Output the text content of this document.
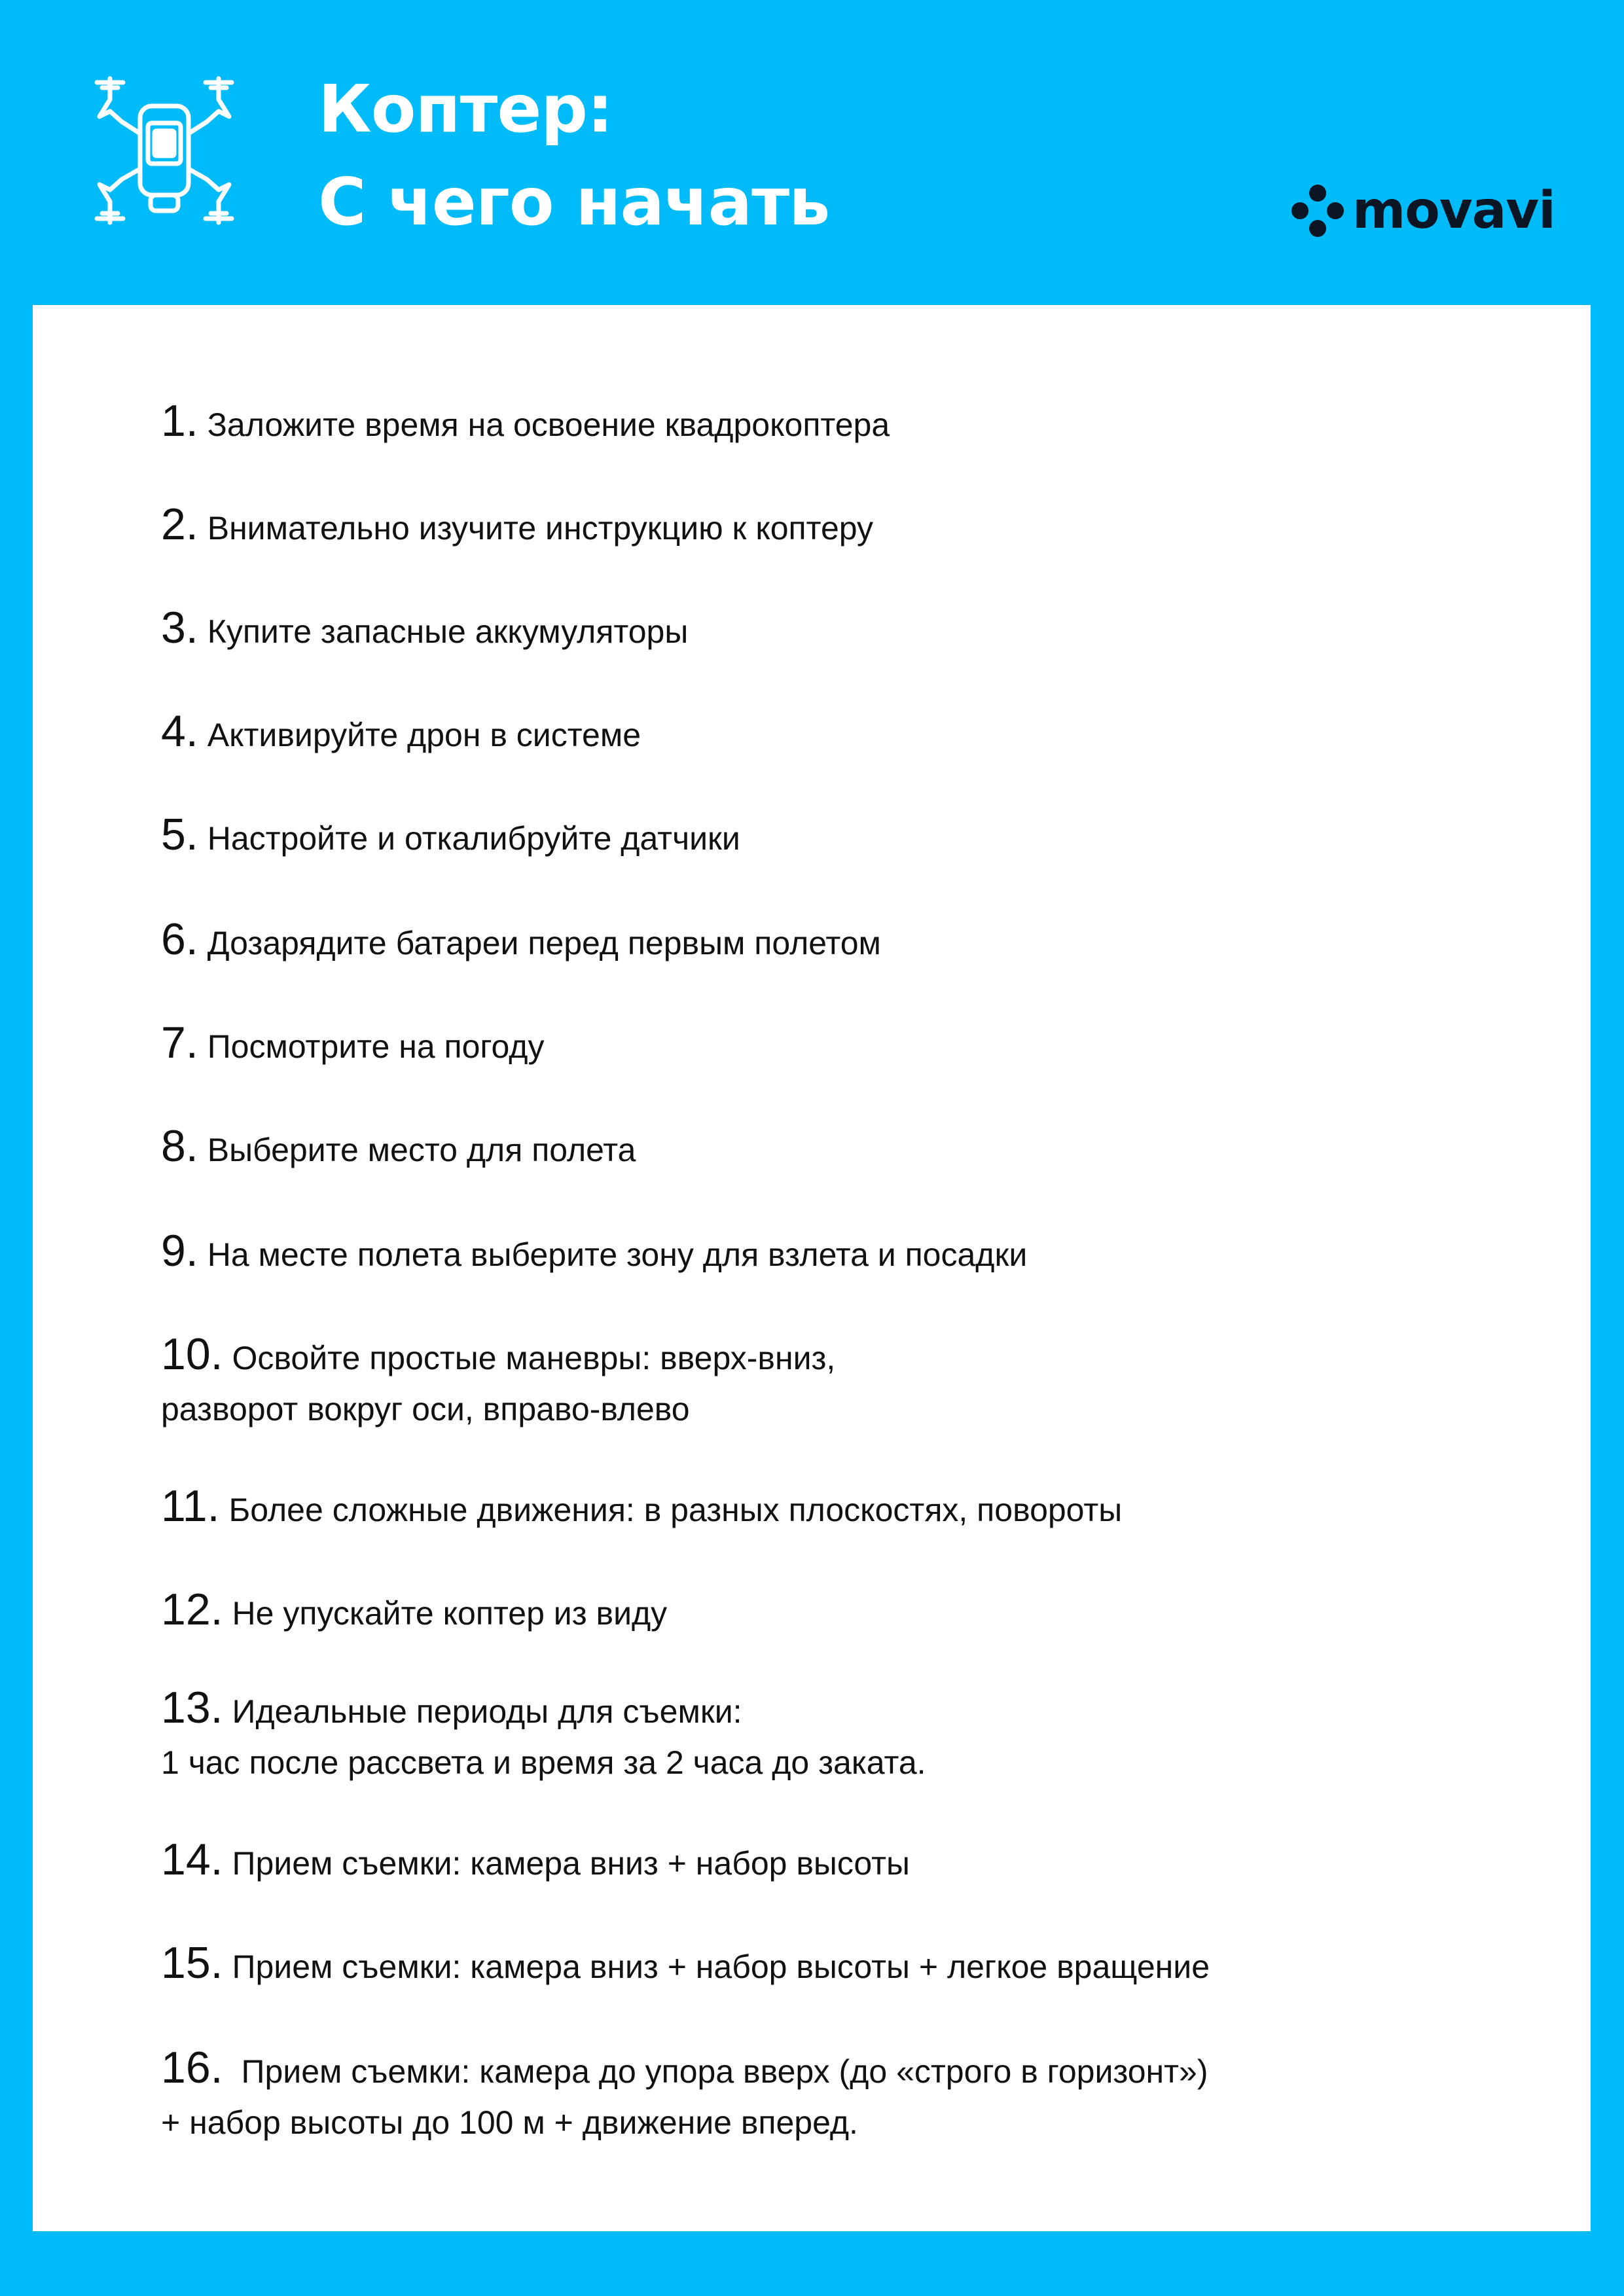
Коптер:
С чего начать	movavi
1. Заложите время на освоение квадрокоптера
2. Внимательно изучите инструкцию к коптеру
3. Купите запасные аккумуляторы
4. Активируйте дрон в системе
5. Настройте и откалибруйте датчики
6. Дозарядите батареи перед первым полетом
7. Посмотрите на погоду
8. Выберите место для полета
9. На месте полета выберите зону для взлета и посадки
10. Освойте простые маневры: вверх-вниз,
разворот вокруг оси, вправо-влево
11. Более сложные движения: в разных плоскостях, повороты
12. Не упускайте коптер из виду
13. Идеальные периоды для съемки:
1 час после рассвета и время за 2 часа до заката.
14. Прием съемки: камера вниз + набор высоты
15. Прием съемки: камера вниз + набор высоты + легкое вращение
16. Прием съемки: камера до упора вверх (до «строго в горизонт»)
+ набор высоты до 100 м + движение вперед.
